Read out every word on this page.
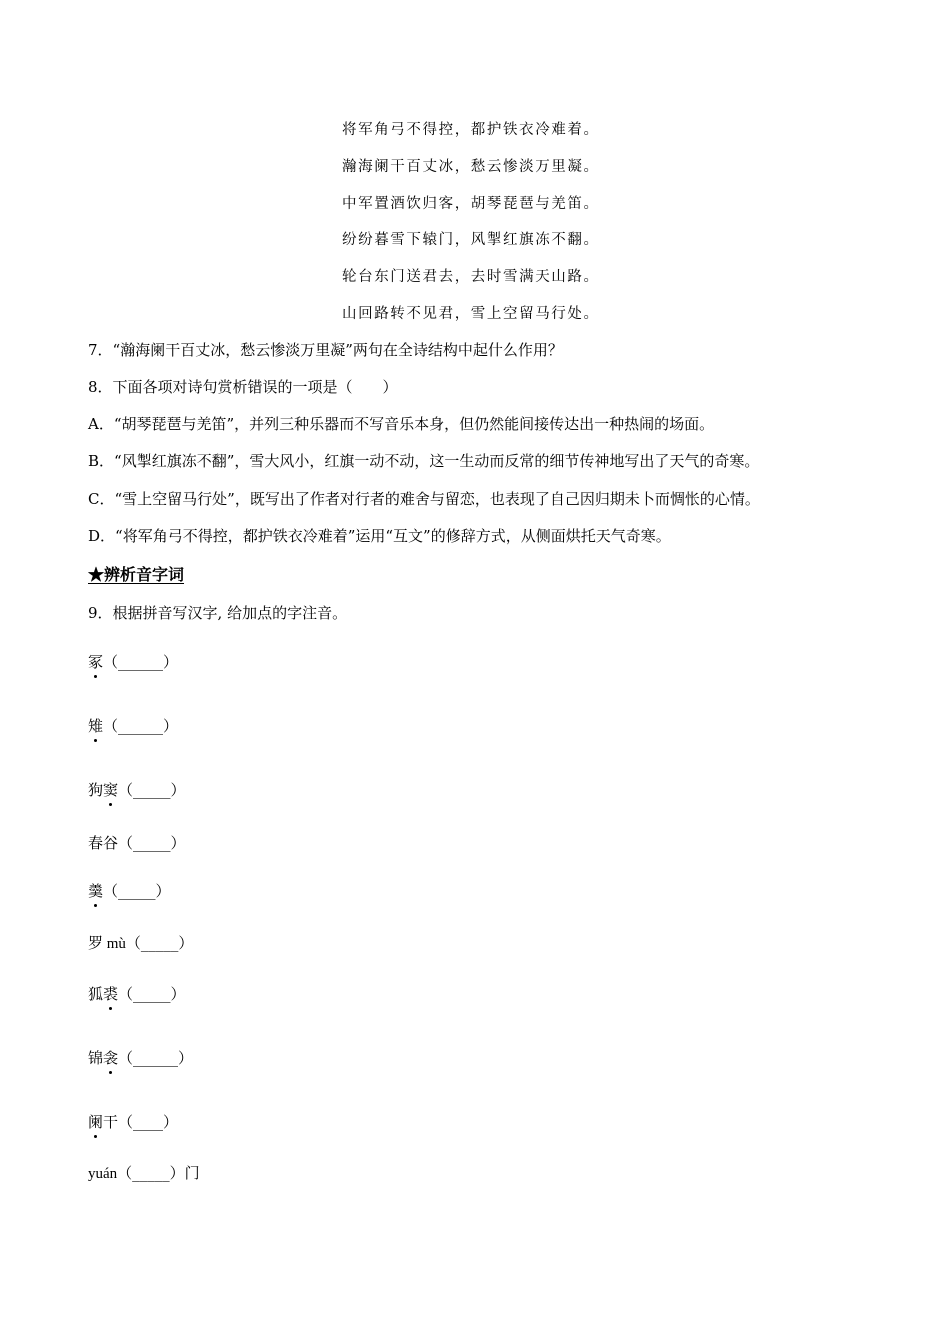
将军角弓不得控，都护铁衣冷难着。
瀚海阑干百丈冰，愁云惨淡万里凝。
中军置酒饮归客，胡琴琵琶与羌笛。
纷纷暮雪下辕门，风掣红旗冻不翻。
轮台东门送君去，去时雪满天山路。
山回路转不见君，雪上空留马行处。
7．“瀚海阑干百丈冰，愁云惨淡万里凝”两句在全诗结构中起什么作用？
8．下面各项对诗句赏析错误的一项是（　　）
A．“胡琴琵琶与羌笛”，并列三种乐器而不写音乐本身，但仍然能间接传达出一种热闹的场面。
B．“风掣红旗冻不翻”，雪大风小，红旗一动不动，这一生动而反常的细节传神地写出了天气的奇寒。
C．“雪上空留马行处”，既写出了作者对行者的难舍与留恋，也表现了自己因归期未卜而惆怅的心情。
D．“将军角弓不得控，都护铁衣冷难着”运用“互文”的修辞方式，从侧面烘托天气奇寒。
★辨析音字词
9．根据拼音写汉字, 给加点的字注音。
冢（______）
雉（______）
狗窦（_____）
春谷（_____）
羹（_____）
罗 mù（_____）
狐裘（_____）
锦衾（______）
阑干（____）
yuán（_____）门
